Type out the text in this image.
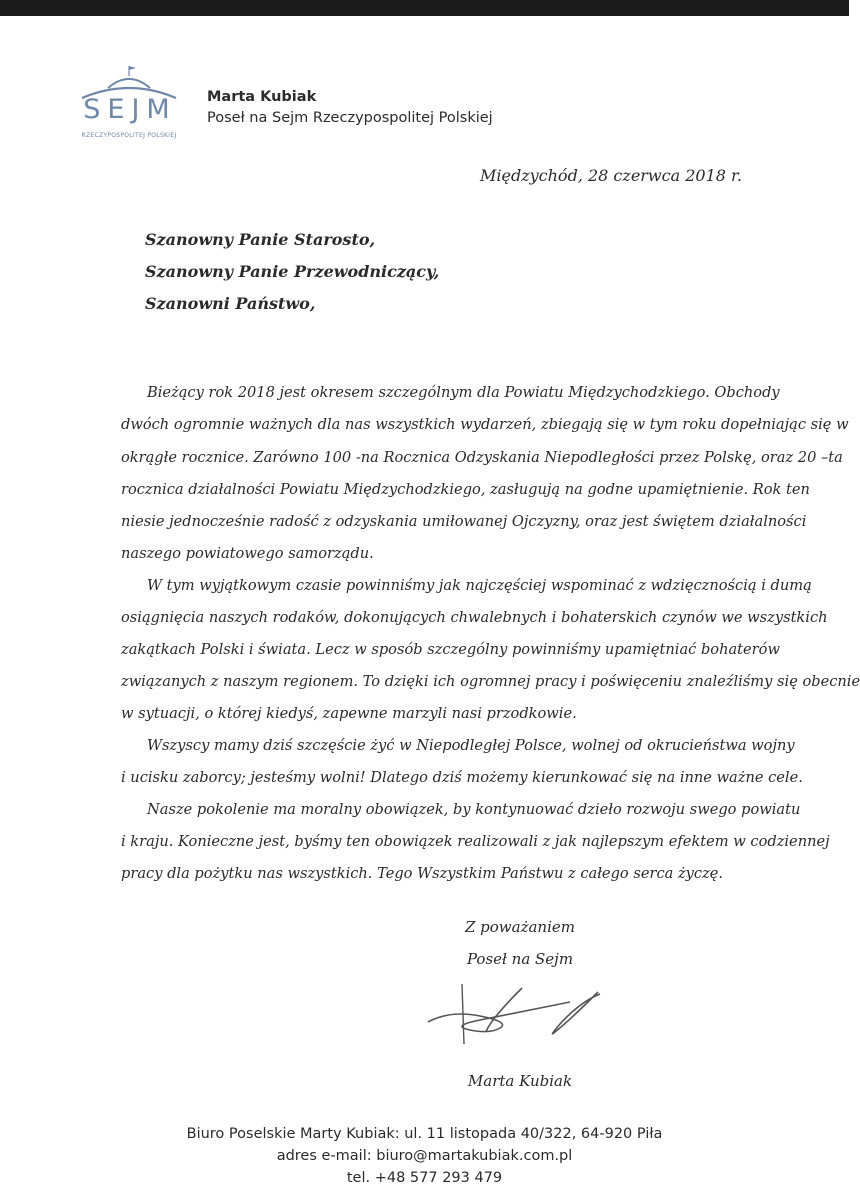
SEJM
RZECZYPOSPOLITEJ POLSKIEJ
Marta Kubiak
Poseł na Sejm Rzeczypospolitej Polskiej
Międzychód, 28 czerwca 2018 r.
Szanowny Panie Starosto,
Szanowny Panie Przewodniczący,
Szanowni Państwo,
Bieżący rok 2018 jest okresem szczególnym dla Powiatu Międzychodzkiego. Obchody
dwóch ogromnie ważnych dla nas wszystkich wydarzeń, zbiegają się w tym roku dopełniając się w
okrągłe rocznice. Zarówno 100 -na Rocznica Odzyskania Niepodległości przez Polskę, oraz 20 –ta
rocznica działalności Powiatu Międzychodzkiego, zasługują na godne upamiętnienie. Rok ten
niesie jednocześnie radość z odzyskania umiłowanej Ojczyzny, oraz jest świętem działalności
naszego powiatowego samorządu.
W tym wyjątkowym czasie powinniśmy jak najczęściej wspominać z wdzięcznością i dumą
osiągnięcia naszych rodaków, dokonujących chwalebnych i bohaterskich czynów we wszystkich
zakątkach Polski i świata. Lecz w sposób szczególny powinniśmy upamiętniać bohaterów
związanych z naszym regionem. To dzięki ich ogromnej pracy i poświęceniu znaleźliśmy się obecnie
w sytuacji, o której kiedyś, zapewne marzyli nasi przodkowie.
Wszyscy mamy dziś szczęście żyć w Niepodległej Polsce, wolnej od okrucieństwa wojny
i ucisku zaborcy; jesteśmy wolni! Dlatego dziś możemy kierunkować się na inne ważne cele.
Nasze pokolenie ma moralny obowiązek, by kontynuować dzieło rozwoju swego powiatu
i kraju. Konieczne jest, byśmy ten obowiązek realizowali z jak najlepszym efektem w codziennej
pracy dla pożytku nas wszystkich. Tego Wszystkim Państwu z całego serca życzę.
Z poważaniem
Poseł na Sejm
Marta Kubiak
Biuro Poselskie Marty Kubiak: ul. 11 listopada 40/322, 64-920 Piła
adres e-mail: biuro@martakubiak.com.pl
tel. +48 577 293 479
